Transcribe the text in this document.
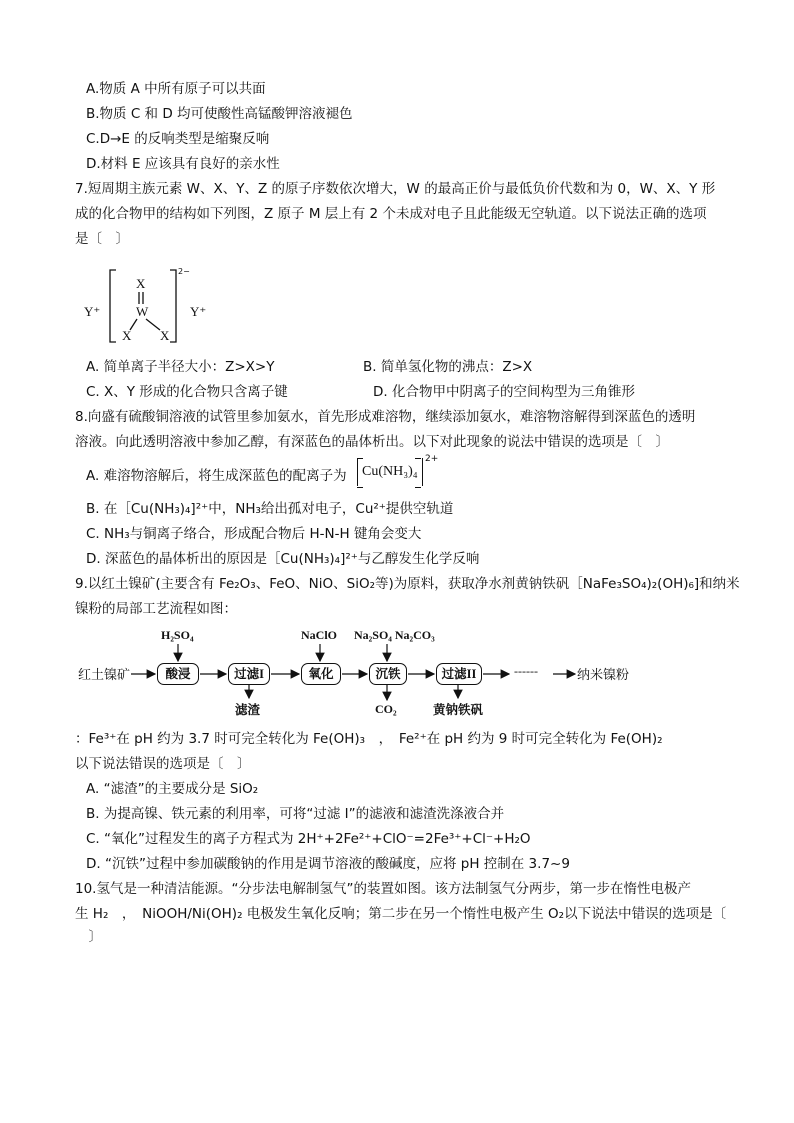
A.物质 A 中所有原子可以共面
B.物质 C 和 D 均可使酸性高锰酸钾溶液褪色
C.D→E 的反响类型是缩聚反响
D.材料 E 应该具有良好的亲水性
7.短周期主族元素 W、X、Y、Z 的原子序数依次增大，W 的最高正价与最低负价代数和为 0，W、X、Y 形
成的化合物甲的结构如下列图，Z 原子 M 层上有 2 个未成对电子且此能级无空轨道。以下说法正确的选项
是〔　〕
Y⁺	Y⁺
X
W
X X
2−
A. 简单离子半径大小：Z>X>Y	B. 简单氢化物的沸点：Z>X
C. X、Y 形成的化合物只含离子键	D. 化合物甲中阴离子的空间构型为三角锥形
8.向盛有硫酸铜溶液的试管里参加氨水，首先形成难溶物，继续添加氨水，难溶物溶解得到深蓝色的透明
溶液。向此透明溶液中参加乙醇，有深蓝色的晶体析出。以下对此现象的说法中错误的选项是〔　〕
A. 难溶物溶解后，将生成深蓝色的配离子为 Cu(NH₃)₄
2+
B. 在［Cu(NH₃)₄]²⁺中，NH₃给出孤对电子，Cu²⁺提供空轨道
C. NH₃与铜离子络合，形成配合物后 H-N-H 键角会变大
D. 深蓝色的晶体析出的原因是［Cu(NH₃)₄]²⁺与乙醇发生化学反响
9.以红土镍矿(主要含有 Fe₂O₃、FeO、NiO、SiO₂等)为原料，获取净水剂黄钠铁矾［NaFe₃SO₄)₂(OH)₆]和纳米
镍粉的局部工艺流程如图：
红土镍矿
H₂SO₄	NaClO Na₂SO₄ Na₂CO₃
酸浸	过滤I	氧化	沉铁	过滤II
滤渣	CO₂	黄钠铁矾
------	纳米镍粉
：Fe³⁺在 pH 约为 3.7 时可完全转化为 Fe(OH)₃　，　Fe²⁺在 pH 约为 9 时可完全转化为 Fe(OH)₂
以下说法错误的选项是〔　〕
A. “滤渣”的主要成分是 SiO₂
B. 为提高镍、铁元素的利用率，可将“过滤 I”的滤液和滤渣洗涤液合并
C. “氧化”过程发生的离子方程式为 2H⁺+2Fe²⁺+ClO⁻=2Fe³⁺+Cl⁻+H₂O
D. “沉铁”过程中参加碳酸钠的作用是调节溶液的酸碱度，应将 pH 控制在 3.7~9
10.氢气是一种清洁能源。“分步法电解制氢气”的装置如图。该方法制氢气分两步，第一步在惰性电极产
生 H₂　，　NiOOH/Ni(OH)₂ 电极发生氧化反响；第二步在另一个惰性电极产生 O₂以下说法中错误的选项是〔
　〕
